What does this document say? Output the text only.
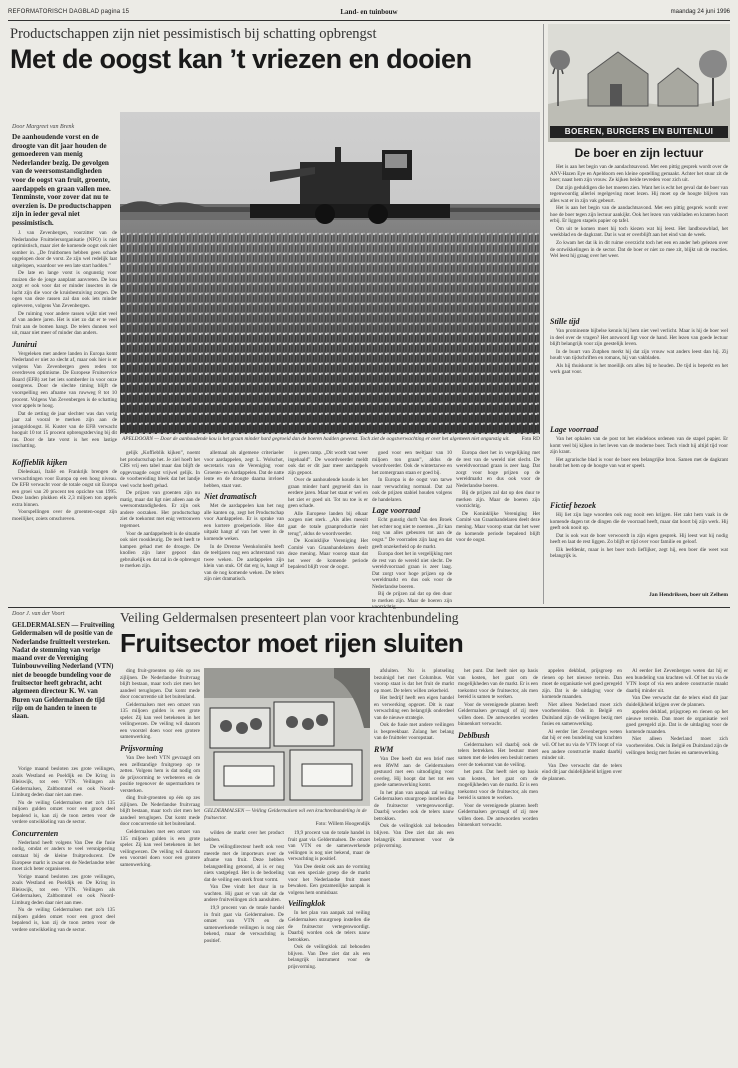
REFORMATORISCH DAGBLAD pagina 15	Land- en tuinbouw	maandag 24 juni 1996
Productschappen zijn niet pessimistisch bij schatting opbrengst
Met de oogst kan ’t vriezen en dooien
Door Margreet van Brenk
De aanhoudende vorst en de droogte van dit jaar houden de gemoederen van menig Nederlander bezig. De gevolgen van de weersomstandigheden voor de oogst van fruit, groente, aardappels en graan vallen mee. Tenminste, voor zover dat nu te overzien is. De productschappen zijn in ieder geval niet pessimistisch.

J. van Zevenbergen, voorzitter van de Nederlandse Fruittelersorganisatie (NFO) is niet optimistisch, maar ziet de komende oogst ook niet somber in. „De fruitbomen hebben geen schade opgelopen door de vorst. Ze zijn wel redelijk laat uitgelopen, waardoor we een late start hadden.”

De late en lange vorst is ongunstig voor muizen die de jonge aanplant aanvreten. De kou zorgt er ook voor dat er minder insecten in de lucht zijn die voor de kruisbestuiving zorgen. De ogen van deze rassen zal dan ook iets minder opleveren, volgens Van Zevenbergen.

De ruiming voor andere rassen wijkt niet veel af van andere jaren. Het is niet zo dat er te veel fruit aan de bomen hangt. De telers dunnen wel uit, maar niet meer of minder dan anders.

Junirui

Vergeleken met andere landen in Europa komt Nederland er niet zo slecht af, maar ook hier is er volgens Van Zevenbergen geen reden tot overdreven optimisme. De Europese Fruitservice Board (EFB) zet het iets somberder in voor onze oostgrens. Door de slechte timing blijft de voorspelling een afname van ruwweg 8 tot 10 procent. Volgens Van Zevenbergen is de schatting voor appels te hoog.

Dat de zetting de jaar slechter was dan vorig jaar zal vooral te merken zijn aan de jonagoldoogst. H. Kuster van de EFB verwacht hooguit 10 tot 15 procent opbrengstderving bij dit ras. Door de late vorst is het een lastige inschatting.

Koffieblik kijken

Dieleskaai, Italië en Frankrijk brengen de verwachtingen voor Europa op een hoog niveau. De EFB verwacht voor de totale oogst uit Europa een groei van 20 procent ten opzichte van 1995. Deze landen plukken elk 2,3 miljoen ton appels extra binnen.

Voorspellingen over de groenten-oogst zijn moeilijker, zoiets omschreven.

APELDOORN — Door de aanhoudende kou is het graan minder hard gegroeid dan de boeren hadden gewenst. Toch ziet de oogstverwachting er over het algemeen niet ongunstig uit. Foto RD

gelijk „Koffieblik kijken”, noemt het productschap het. Je ziel hoeft het CBS vrij een tabel maar dan blijft de opgevraagde oogst vrijwel gelijk. In de voorbereiding bleek dat het landje veel vocht heeft gehad.

De prijzen van groenten zijn nu matig, maar dat ligt niet alleen aan de weersomstandigheden. Er zijn ook andere oorzaken. Het productschap ziet de toekomst met enig vertrouwen tegemoet.

Voor de aardappelteelt is de situatie ook niet rooskleurig. De teelt heeft te kampen gehad met de droogte. De knollen zijn later gepoot dan gebruikelijk en dat zal in de opbrengst te merken zijn.

allemaal als algemene criteriaeler voor aardappelen, zegt L. Wolschot, secretaris van de Vereniging voor Groente- en Aardappelen. Dat de natte lente en de droogte daarna invloed hebben, staat vast.

Niet dramatisch

Met de aardappelen kan het nog alle kanten op, zegt het Productschap voor Aardappelen. Er is sprake van een kortere groeiperiode. Hoe dat uitpakt hangt af van het weer in de komende weken.

In de Drentse Veenkoloniën heeft de teeltjaren nog een achterstand van twee weken. De aardappelen zijn klein van stuk. Of dat erg is, hangt af van de nog komende weken. De telers zijn niet dramatisch.

is geen ramp. „Dit wordt vast weer ingehaald”. De woordvoerder meldt ook dat er dit jaar meer aardappels zijn gepoot.

Over de aanhoudende koude is het graan minder hard gegroeid dan in eerdere jaren. Maar het staat er wel en het ziet er goed uit. Tot nu toe is er geen schade.

Alle Europese landen bij elkaar zorgen niet sterk. „Als alles meezit gaat de totale graanproductie niet terug”, aldus de woordvoerder.

De Koninklijke Vereniging Het Comité van Graanhandelaren deelt deze mening. Maar voorop staat dat het weer de komende periode bepalend blijft voor de oogst.

goed voor een teeltjaar van 10 miljoen ton graan”, aldus de woordvoerder. Ook de wintertarwe en het zomergraan staan er goed bij.

In Europa is de oogst van tarwe naar verwachting normaal. Dat zal ook de prijzen stabiel houden volgens de handelaren.

Lage voorraad

Echt gunstig durft Van den Broek het echter nog niet te noemen. „Er kan nog van alles gebeuren tot aan de oogst.” De voorraden zijn laag en dat geeft onzekerheid op de markt.

Europa doet het in vergelijking met de rest van de wereld niet slecht. De wereldvoorraad graan is zeer laag. Dat zorgt voor hoge prijzen op de wereldmarkt en dus ook voor de Nederlandse boeren.

Bij de prijzen zal dat op den duur te merken zijn. Maar de boeren zijn voorzichtig.

Europa doet het in vergelijking met de rest van de wereld niet slecht. De wereldvoorraad graan is zeer laag. Dat zorgt voor hoge prijzen op de wereldmarkt en dus ook voor de Nederlandse boeren.

Bij de prijzen zal dat op den duur te merken zijn. Maar de boeren zijn voorzichtig.

De Koninklijke Vereniging Het Comité van Graanhandelaren deelt deze mening. Maar voorop staat dat het weer de komende periode bepalend blijft voor de oogst.

BOEREN, BURGERS EN BUITENLUI
De boer en zijn lectuur

Het is aan het begin van de aandachtsavond. Met een pittig gesprek wordt over de ANV-Hazen Eye en Apeldoorn een kleine opstelling gemaakt. Achter het stuur zit de boer; naast hem zijn vrouw. Ze kijken beide tevreden voor zich uit.

Dat zijn geduldigen die het moeten zien. Want het is echt het geval dat de boer van tegenwoordig allerlei regelgeving moet lezen. Hij moet op de hoogte blijven van alles wat er in zijn vak gebeurt.

Het is aan het begin van de aandachtsavond. Met een pittig gesprek wordt over hoe de boer tegen zijn lectuur aankijkt. Ook het lezen van vakbladen en kranten hoort erbij. Er liggen stapels papier op tafel.

Om uit te komen moet hij toch kiezen wat hij leest. Het landbouwblad, het weekblad en de dagkrant. Dat is wat er overblijft aan het eind van de week.

Zo kwam het dat ik in dit ruime overzicht toch het een en ander heb gelezen over de ontwikkelingen in de sector. Dat de boer er niet zo mee zit, blijkt uit de reacties. Wel leest hij graag over het weer.

Stille tijd

Van prominente bijbelse kennis hij hem niet veel verlicht. Maar is hij de boer wel in deel over de vragen? Het antwoord ligt voor de hand. Het lezen van goede lectuur blijft belangrijk voor zijn geestelijk leven.

In de buurt van Zutphen merkt hij dat zijn vrouw wat anders leest dan hij. Zij houdt van tijdschriften en romans, hij van vakbladen.

Als hij thuiskomt is het moeilijk om alles bij te houden. De tijd is beperkt en het werk gaat voor.

Lage voorraad

Van het ophalen van de post tot het eindeloos ordenen van de stapel papier. Er komt veel bij kijken in het leven van de moderne boer. Toch vindt hij altijd tijd voor zijn krant.

Het agrarische blad is voor de boer een belangrijke bron. Samen met de dagkrant houdt het hem op de hoogte van wat er speelt.

Fictief bezoek

Hij liet zijn lage woorden ook nog nooit een krijgen. Het zakt hem vaak in de komende dagen tot de dingen die de voorraad heeft, maar dat hoort bij zijn werk. Hij geeft ook nooit op.

Dat is ook wat de boer verwoordt in zijn eigen gesprek. Hij leest wat hij nodig heeft en laat de rest liggen. Zo blijft er tijd over voor familie en geloof.

Eik leefdenkt, maar is het boer toch lieflijker, zegt hij, een boer die weet wat belangrijk is.

Jan Hendriksen, boer uit Zelhem
Door J. van der Voort	Veiling Geldermalsen presenteert plan voor krachtenbundeling
Fruitsector moet rijen sluiten
GELDERMALSEN — Fruitveiling Geldermalsen wil de positie van de Nederlandse fruitteelt versterken. Nadat de stemming van vorige maand over de Vereniging Tuinbouwveiling Nederland (VTN) niet de beoogde bundeling voor de fruitsector heeft gebracht, acht algemeen directeur K. W. van Buren van Geldermalsen de tijd rijp om de handen te ineen te slaan.

Vorige maand besloten zes grote veilingen, zoals Westland en Poeldijk en De Kring in Bleiswijk, tot een VTN. Veilingen als Geldermalsen, Zaltbommel en ook Noord-Limburg deden daar niet aan mee.

Nu de veiling Geldermalsen met zo'n 135 miljoen gulden omzet voor een groot deel bepalend is, kan zij de toon zetten voor de verdere ontwikkeling van de sector.

Concurrenten

Nederland heeft volgens Van Dee die fusie nodig, omdat er anders te veel versnippering ontstaat bij de kleine fruitproducent. De Europese markt is zwaar en de Nederlandse teler moet zich beter organiseren.

Vorige maand besloten zes grote veilingen, zoals Westland en Poeldijk en De Kring in Bleiswijk, tot een VTN. Veilingen als Geldermalsen, Zaltbommel en ook Noord-Limburg deden daar niet aan mee.

Nu de veiling Geldermalsen met zo'n 135 miljoen gulden omzet voor een groot deel bepalend is, kan zij de toon zetten voor de verdere ontwikkeling van de sector.

ding fruit-groenten op één op zes zijlijnen. De Nederlandse fruitvraag blijft bestaan, maar toch ziet men het aandeel teruglopen. Dat komt mede door concurrentie uit het buitenland.

Geldermalsen met een omzet van 135 miljoen gulden is een grote speler. Zij kan veel betekenen in het veilingwezen. De veiling wil daarom een voorstel doen voor een grotere samenwerking.

Prijsvorming

Van Dee heeft VTN gevraagd om een zelfstandige fruitgroep op te zetten. Volgens hem is dat nodig om de prijsvorming te verbeteren en de positie tegenover de supermarkten te versterken.

ding fruit-groenten op één op zes zijlijnen. De Nederlandse fruitvraag blijft bestaan, maar toch ziet men het aandeel teruglopen. Dat komt mede door concurrentie uit het buitenland.

Geldermalsen met een omzet van 135 miljoen gulden is een grote speler. Zij kan veel betekenen in het veilingwezen. De veiling wil daarom een voorstel doen voor een grotere samenwerking.

GELDERMALSEN — Veiling Geldermalsen wil een krachtenbundeling in de fruitsector.

Foto: Willem Hoogendijk

wilden de markt over het product hebben.

De veilingdirecteur heeft ook vest meerde met de importeurs over de afname van fruit. Deze hebben belangstelling getoond, al is er nog niets vastgelegd. Het is de bedoeling dat de veiling een sterk front vormt.

Van Dee vindt het duur in te wachten. Hij gaat er van uit dat de andere fruitveilingen zich aansluiten.

19,9 procent van de totale handel in fruit gaat via Geldermalsen. De omzet van VTN en de samenwerkende veilingen is nog niet bekend, maar de verwachting is positief.

19,9 procent van de totale handel in fruit gaat via Geldermalsen. De omzet van VTN en de samenwerkende veilingen is nog niet bekend, maar de verwachting is positief.

Van Dee denkt ook aan de vorming van een speciale groep die de markt voor het Nederlandse fruit moet bewaken. Een gezamenlijke aanpak is volgens hem onmisbaar.

Veilingklok

In het plan van aanpak zal veiling Geldermalsen stuurgroep instellen die de fruitsector vertegenwoordigt. Daarbij worden ook de telers nauw betrokken.

Ook de veilingklok zal behouden blijven. Van Dee ziet dat als een belangrijk instrument voor de prijsvorming.

afsluiten. Nu is plotseling bezuinigd het met Columbus. Wat voorop staat is dat het fruit de markt op moet. De telers willen zekerheid.

Het bedrijf heeft een eigen handel en verwerking opgezet. Dit is naar verwachting een belangrijk onderdeel van de nieuwe strategie.

Ook de fusie met andere veilingen is bespreekbaar. Zolang het belang van de fruitteler vooropstaat.

RWM

Van Dee heeft dat een brief met een RWM aan de Geldermalsen gestuurd met een uitnodiging voor overleg. Hij hoopt dat het tot een goede samenwerking komt.

In het plan van aanpak zal veiling Geldermalsen stuurgroep instellen die de fruitsector vertegenwoordigt. Daarbij worden ook de telers nauw betrokken.

Ook de veilingklok zal behouden blijven. Van Dee ziet dat als een belangrijk instrument voor de prijsvorming.

het punt. Dat heeft niet op basis van kosten, het gaat om de mogelijkheden van de markt. Er is een toekomst voor de fruitsector, als men bereid is samen te werken.

Voor de verenigende planten heeft Geldermalsen gevraagd of zij mee willen doen. De antwoorden worden binnenkort verwacht.

Deblbush

Geldermalsen wil daarbij ook de telers betrekken. Het bestuur moet samen met de leden een besluit nemen over de toekomst van de veiling.

het punt. Dat heeft niet op basis van kosten, het gaat om de mogelijkheden van de markt. Er is een toekomst voor de fruitsector, als men bereid is samen te werken.

Voor de verenigende planten heeft Geldermalsen gevraagd of zij mee willen doen. De antwoorden worden binnenkort verwacht.

appelen dekblad, prijsgroep en rienen op het nieuwe terrein. Dan moet de organisatie wel goed geregeld zijn. Dat is de uitdaging voor de komende maanden.

Niet alleen Nederland moet zich voorbereiden. Ook in België en Duitsland zijn de veilingen bezig met fusies en samenwerking.

Al eerder liet Zevenbergen weten dat hij er een bundeling van krachten wil. Of het nu via de VTN loopt of via een andere constructie maakt daarbij minder uit.

Van Dee verwacht dat de telers eind dit jaar duidelijkheid krijgen over de plannen.

Al eerder liet Zevenbergen weten dat hij er een bundeling van krachten wil. Of het nu via de VTN loopt of via een andere constructie maakt daarbij minder uit.

Van Dee verwacht dat de telers eind dit jaar duidelijkheid krijgen over de plannen.

appelen dekblad, prijsgroep en rienen op het nieuwe terrein. Dan moet de organisatie wel goed geregeld zijn. Dat is de uitdaging voor de komende maanden.

Niet alleen Nederland moet zich voorbereiden. Ook in België en Duitsland zijn de veilingen bezig met fusies en samenwerking.
